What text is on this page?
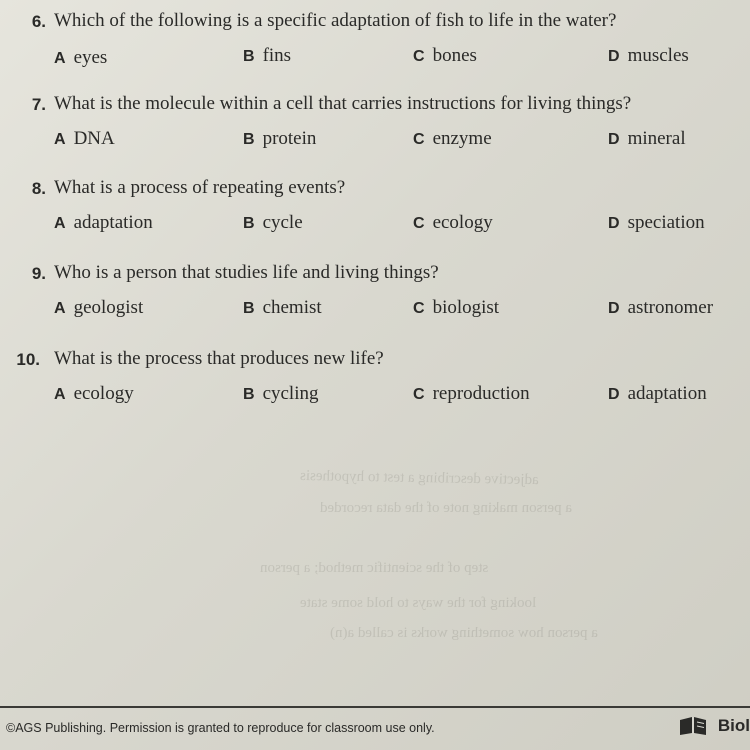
adjective describing a test to hypothesis
a person making note of the data recorded
step of the scientific method; a person
looking for the ways to hold some state
a person how something works is called a(n)
6. Which of the following is a specific adaptation of fish to life in the water?
A eyes	B fins	C bones	D muscles
7. What is the molecule within a cell that carries instructions for living things?
A DNA	B protein	C enzyme	D mineral
8. What is a process of repeating events?
A adaptation	B cycle	C ecology	D speciation
9. Who is a person that studies life and living things?
A geologist	B chemist	C biologist	D astronomer
10. What is the process that produces new life?
A ecology	B cycling	C reproduction	D adaptation
©AGS Publishing. Permission is granted to reproduce for classroom use only.	Biol
